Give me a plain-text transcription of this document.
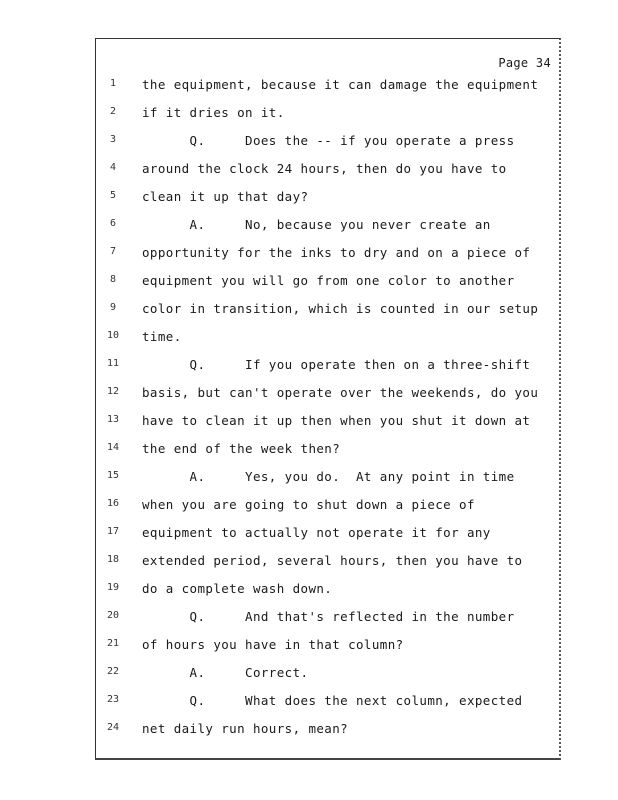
Page 34
1
2
3
4
5
6
7
8
9
10
11
12
13
14
15
16
17
18
19
20
21
22
23
24
the equipment, because it can damage the equipment
if it dries on it.
Q.     Does the -- if you operate a press
around the clock 24 hours, then do you have to
clean it up that day?
A.     No, because you never create an
opportunity for the inks to dry and on a piece of
equipment you will go from one color to another
color in transition, which is counted in our setup
time.
Q.     If you operate then on a three-shift
basis, but can't operate over the weekends, do you
have to clean it up then when you shut it down at
the end of the week then?
A.     Yes, you do.  At any point in time
when you are going to shut down a piece of
equipment to actually not operate it for any
extended period, several hours, then you have to
do a complete wash down.
Q.     And that's reflected in the number
of hours you have in that column?
A.     Correct.
Q.     What does the next column, expected
net daily run hours, mean?
